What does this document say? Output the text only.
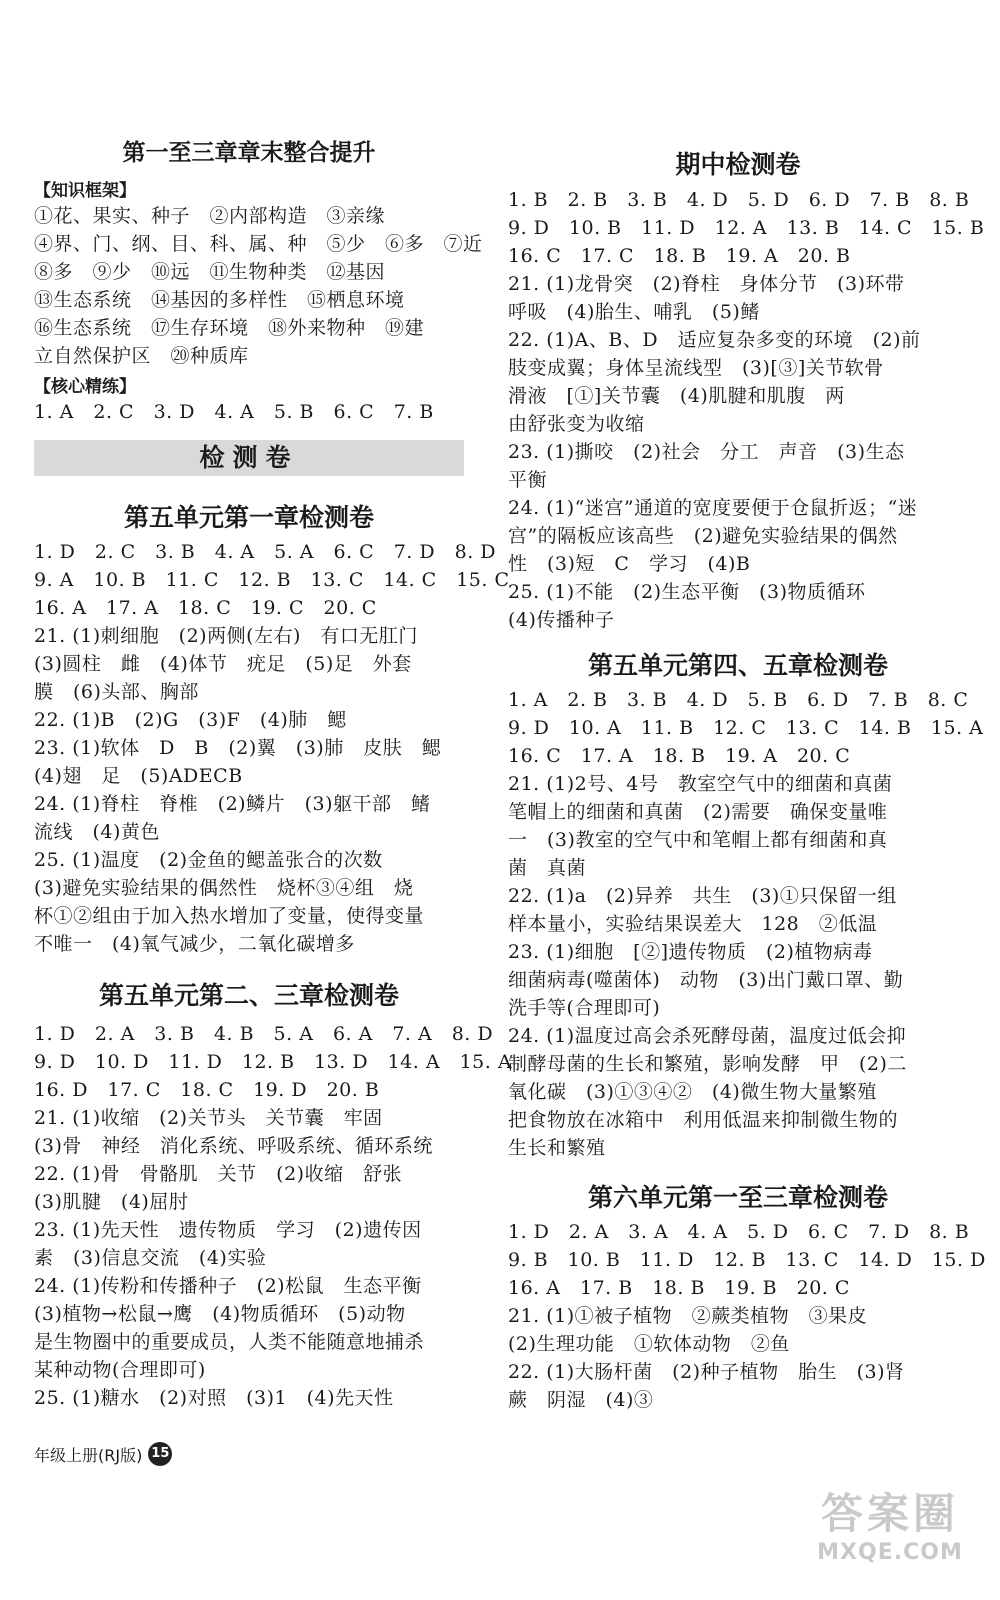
第一至三章章末整合提升
【知识框架】
①花、果实、种子　②内部构造　③亲缘
④界、门、纲、目、科、属、种　⑤少　⑥多　⑦近
⑧多　⑨少　⑩远　⑪生物种类　⑫基因
⑬生态系统　⑭基因的多样性　⑮栖息环境
⑯生态系统　⑰生存环境　⑱外来物种　⑲建
立自然保护区　⑳种质库
【核心精练】
1. A　2. C　3. D　4. A　5. B　6. C　7. B
检测卷
第五单元第一章检测卷
1. D　2. C　3. B　4. A　5. A　6. C　7. D　8. D
9. A　10. B　11. C　12. B　13. C　14. C　15. C
16. A　17. A　18. C　19. C　20. C
21. (1)刺细胞　(2)两侧(左右)　有口无肛门
(3)圆柱　雌　(4)体节　疣足　(5)足　外套
膜　(6)头部、胸部
22. (1)B　(2)G　(3)F　(4)肺　鳃
23. (1)软体　D　B　(2)翼　(3)肺　皮肤　鳃
(4)翅　足　(5)ADECB
24. (1)脊柱　脊椎　(2)鳞片　(3)躯干部　鳍
流线　(4)黄色
25. (1)温度　(2)金鱼的鳃盖张合的次数
(3)避免实验结果的偶然性　烧杯③④组　烧
杯①②组由于加入热水增加了变量，使得变量
不唯一　(4)氧气减少，二氧化碳增多
第五单元第二、三章检测卷
1. D　2. A　3. B　4. B　5. A　6. A　7. A　8. D
9. D　10. D　11. D　12. B　13. D　14. A　15. A
16. D　17. C　18. C　19. D　20. B
21. (1)收缩　(2)关节头　关节囊　牢固
(3)骨　神经　消化系统、呼吸系统、循环系统
22. (1)骨　骨骼肌　关节　(2)收缩　舒张
(3)肌腱　(4)屈肘
23. (1)先天性　遗传物质　学习　(2)遗传因
素　(3)信息交流　(4)实验
24. (1)传粉和传播种子　(2)松鼠　生态平衡
(3)植物→松鼠→鹰　(4)物质循环　(5)动物
是生物圈中的重要成员，人类不能随意地捕杀
某种动物(合理即可)
25. (1)糖水　(2)对照　(3)1　(4)先天性
年级上册(RJ版) 15
期中检测卷
1. B　2. B　3. B　4. D　5. D　6. D　7. B　8. B
9. D　10. B　11. D　12. A　13. B　14. C　15. B
16. C　17. C　18. B　19. A　20. B
21. (1)龙骨突　(2)脊柱　身体分节　(3)环带
呼吸　(4)胎生、哺乳　(5)鳍
22. (1)A、B、D　适应复杂多变的环境　(2)前
肢变成翼；身体呈流线型　(3)[③]关节软骨
滑液　[①]关节囊　(4)肌腱和肌腹　两
由舒张变为收缩
23. (1)撕咬　(2)社会　分工　声音　(3)生态
平衡
24. (1)“迷宫”通道的宽度要便于仓鼠折返；“迷
宫”的隔板应该高些　(2)避免实验结果的偶然
性　(3)短　C　学习　(4)B
25. (1)不能　(2)生态平衡　(3)物质循环
(4)传播种子
第五单元第四、五章检测卷
1. A　2. B　3. B　4. D　5. B　6. D　7. B　8. C
9. D　10. A　11. B　12. C　13. C　14. B　15. A
16. C　17. A　18. B　19. A　20. C
21. (1)2号、4号　教室空气中的细菌和真菌
笔帽上的细菌和真菌　(2)需要　确保变量唯
一　(3)教室的空气中和笔帽上都有细菌和真
菌　真菌
22. (1)a　(2)异养　共生　(3)①只保留一组
样本量小，实验结果误差大　128　②低温
23. (1)细胞　[②]遗传物质　(2)植物病毒
细菌病毒(噬菌体)　动物　(3)出门戴口罩、勤
洗手等(合理即可)
24. (1)温度过高会杀死酵母菌，温度过低会抑
制酵母菌的生长和繁殖，影响发酵　甲　(2)二
氧化碳　(3)①③④②　(4)微生物大量繁殖
把食物放在冰箱中　利用低温来抑制微生物的
生长和繁殖
第六单元第一至三章检测卷
1. D　2. A　3. A　4. A　5. D　6. C　7. D　8. B
9. B　10. B　11. D　12. B　13. C　14. D　15. D
16. A　17. B　18. B　19. B　20. C
21. (1)①被子植物　②蕨类植物　③果皮
(2)生理功能　①软体动物　②鱼
22. (1)大肠杆菌　(2)种子植物　胎生　(3)肾
蕨　阴湿　(4)③
答案圈
MXQE.COM
